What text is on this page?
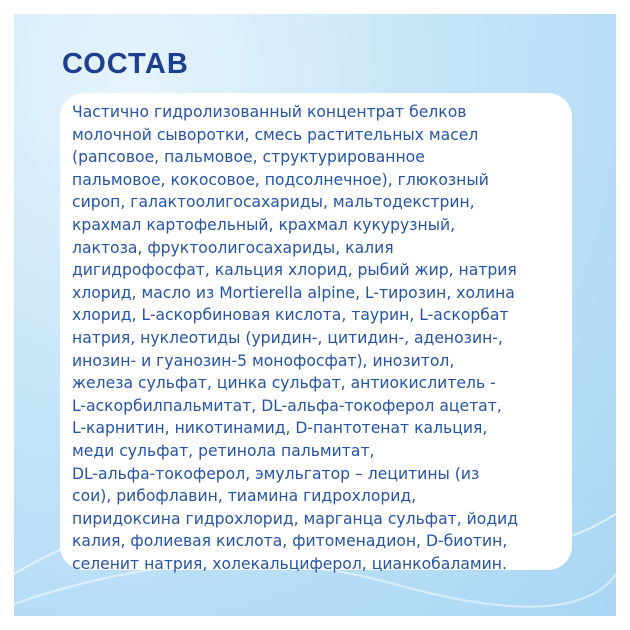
СОСТАВ
Частично гидролизованный концентрат белков
молочной сыворотки, смесь растительных масел
(рапсовое, пальмовое, структурированное
пальмовое, кокосовое, подсолнечное), глюкозный
сироп, галактоолигосахариды, мальтодекстрин,
крахмал картофельный, крахмал кукурузный,
лактоза, фруктоолигосахариды, калия
дигидрофосфат, кальция хлорид, рыбий жир, натрия
хлорид, масло из Mortierella alpine, L-тирозин, холина
хлорид, L-аскорбиновая кислота, таурин, L-аскорбат
натрия, нуклеотиды (уридин-, цитидин-, аденозин-,
инозин- и гуанозин-5 монофосфат), инозитол,
железа сульфат, цинка сульфат, антиокислитель -
L-аскорбилпальмитат, DL-альфа-токоферол ацетат,
L-карнитин, никотинамид, D-пантотенат кальция,
меди сульфат, ретинола пальмитат,
DL-альфа-токоферол, эмульгатор – лецитины (из
сои), рибофлавин, тиамина гидрохлорид,
пиридоксина гидрохлорид, марганца сульфат, йодид
калия, фолиевая кислота, фитоменадион, D-биотин,
селенит натрия, холекальциферол, цианкобаламин.
